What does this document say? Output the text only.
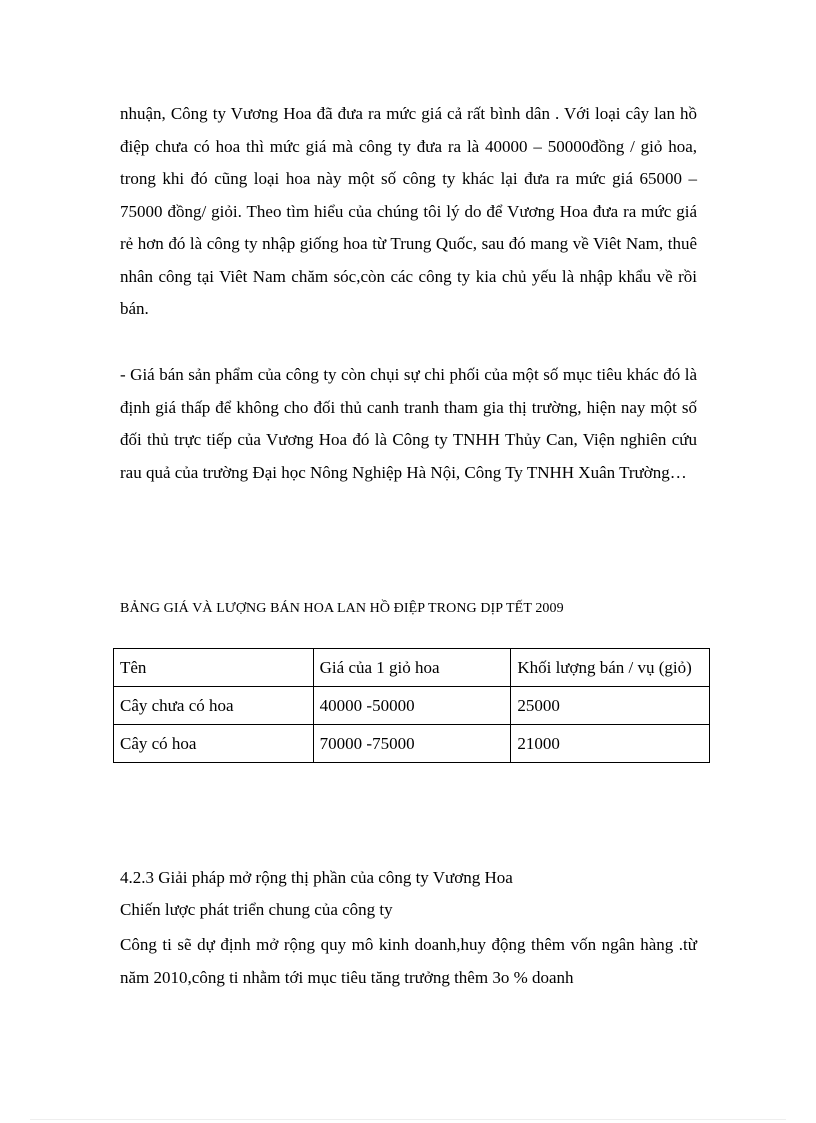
nhuận, Công ty Vương Hoa đã đưa ra mức giá cả rất bình dân . Với loại cây lan hồ điệp chưa có hoa thì mức giá mà công ty đưa ra là 40000 – 50000đồng / giỏ hoa, trong khi đó cũng loại hoa này một số công ty khác lại đưa ra mức giá 65000 – 75000 đồng/ giỏi. Theo tìm hiểu của chúng tôi lý do để Vương Hoa đưa ra mức giá rẻ hơn đó là công ty nhập giống hoa từ Trung Quốc, sau đó mang về Viêt Nam, thuê nhân công tại Viêt Nam chăm sóc,còn các công ty kia chủ yếu là nhập khẩu về rồi bán.

- Giá bán sản phẩm của công ty còn chụi sự chi phối của một số mục tiêu khác đó là định giá thấp để không cho đối thủ canh tranh tham gia thị trường, hiện nay một số đối thủ trực tiếp của Vương Hoa đó là Công ty TNHH Thủy Can, Viện nghiên cứu rau quả của trường Đại học Nông Nghiệp Hà Nội, Công Ty TNHH Xuân Trường…

BẢNG GIÁ VÀ LƯỢNG BÁN HOA LAN HỒ ĐIỆP TRONG DỊP TẾT 2009

Tên	Giá của 1 giỏ hoa	Khối lượng bán / vụ (giỏ)
Cây chưa có hoa	40000 -50000	25000
Cây có hoa	70000 -75000	21000

4.2.3 Giải pháp mở rộng thị phần của công ty Vương Hoa

Chiến lược phát triển chung của công ty

Công ti sẽ dự định mở rộng quy mô kinh doanh,huy động thêm vốn ngân hàng .từ năm 2010,công ti nhằm tới mục tiêu tăng trưởng thêm 3o % doanh
